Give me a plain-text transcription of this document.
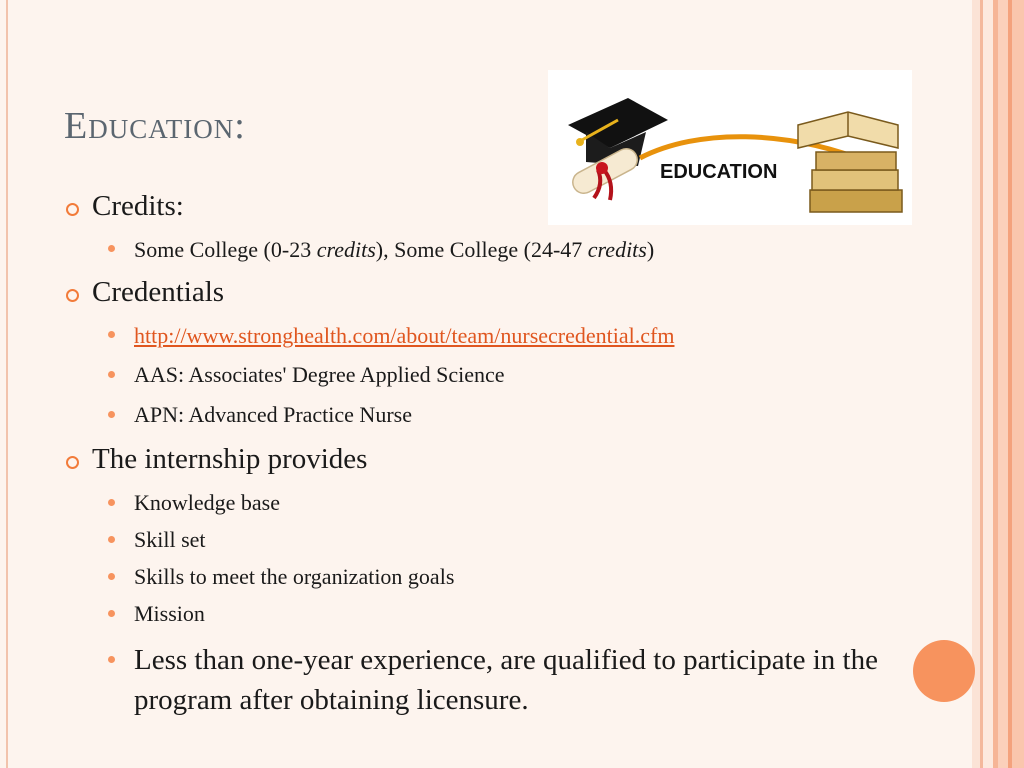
Education:
EDUCATION
Credits:
Some College (0-23 credits), Some College (24-47 credits)
Credentials
http://www.stronghealth.com/about/team/nursecredential.cfm
AAS: Associates' Degree Applied Science
APN: Advanced Practice Nurse
The internship provides
Knowledge base
Skill set
Skills to meet the organization goals
Mission
Less than one-year experience, are qualified to participate in the program after obtaining licensure.
